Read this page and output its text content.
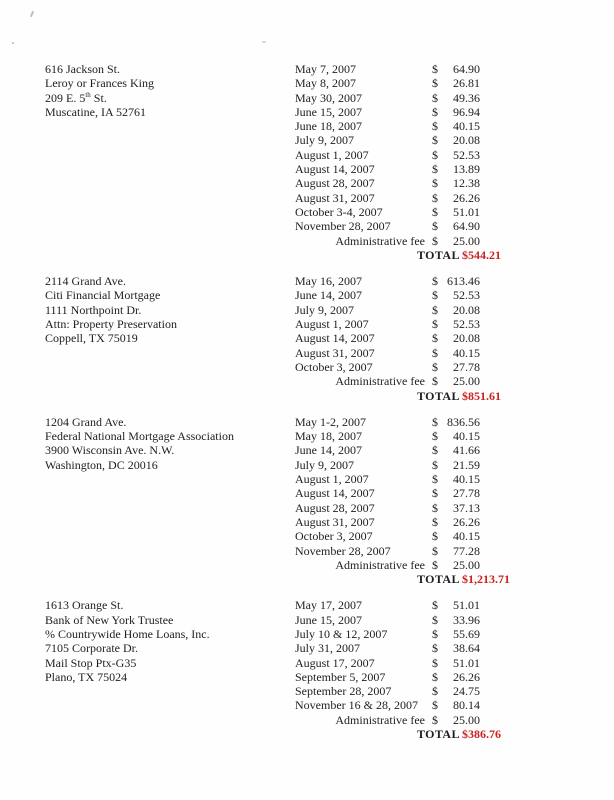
616 Jackson St.
Leroy or Frances King
209 E. 5th St.
Muscatine, IA 52761
May 7, 2007	$ 64.90
May 8, 2007	$ 26.81
May 30, 2007	$ 49.36
June 15, 2007	$ 96.94
June 18, 2007	$ 40.15
July 9, 2007	$ 20.08
August 1, 2007	$ 52.53
August 14, 2007	$ 13.89
August 28, 2007	$ 12.38
August 31, 2007	$ 26.26
October 3-4, 2007	$ 51.01
November 28, 2007	$ 64.90
Administrative fee $ 25.00
TOTAL $544.21
2114 Grand Ave.
Citi Financial Mortgage
1111 Northpoint Dr.
Attn: Property Preservation
Coppell, TX 75019
May 16, 2007	$ 613.46
June 14, 2007	$ 52.53
July 9, 2007	$ 20.08
August 1, 2007	$ 52.53
August 14, 2007	$ 20.08
August 31, 2007	$ 40.15
October 3, 2007	$ 27.78
Administrative fee $ 25.00
TOTAL $851.61
1204 Grand Ave.
Federal National Mortgage Association
3900 Wisconsin Ave. N.W.
Washington, DC 20016
May 1-2, 2007	$ 836.56
May 18, 2007	$ 40.15
June 14, 2007	$ 41.66
July 9, 2007	$ 21.59
August 1, 2007	$ 40.15
August 14, 2007	$ 27.78
August 28, 2007	$ 37.13
August 31, 2007	$ 26.26
October 3, 2007	$ 40.15
November 28, 2007	$ 77.28
Administrative fee $ 25.00
TOTAL $1,213.71
1613 Orange St.
Bank of New York Trustee
% Countrywide Home Loans, Inc.
7105 Corporate Dr.
Mail Stop Ptx-G35
Plano, TX 75024
May 17, 2007	$ 51.01
June 15, 2007	$ 33.96
July 10 & 12, 2007	$ 55.69
July 31, 2007	$ 38.64
August 17, 2007	$ 51.01
September 5, 2007	$ 26.26
September 28, 2007	$ 24.75
November 16 & 28, 2007 $ 80.14
Administrative fee $ 25.00
TOTAL $386.76
